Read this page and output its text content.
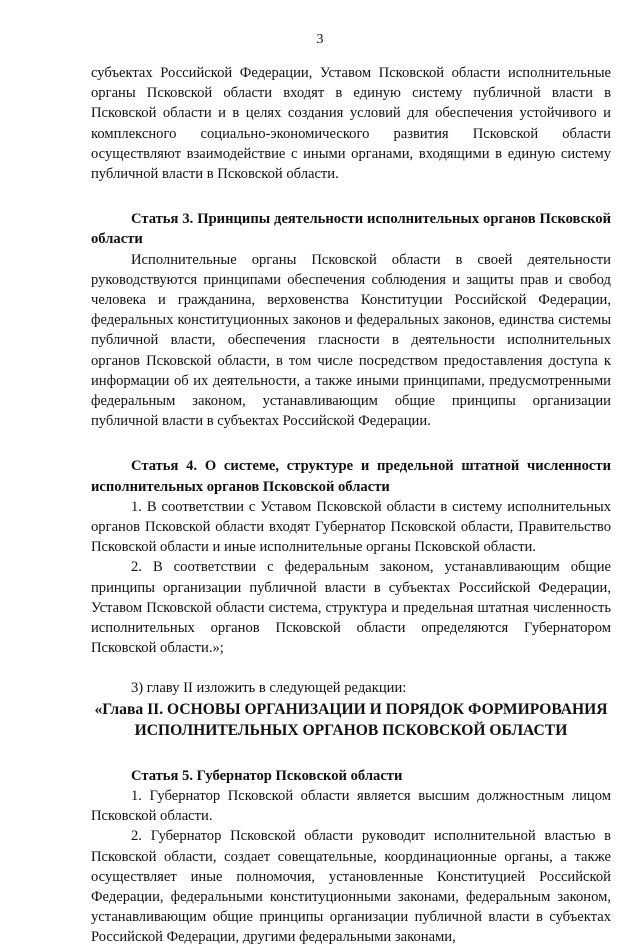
3

субъектах Российской Федерации, Уставом Псковской области исполнительные органы Псковской области входят в единую систему публичной власти в Псковской области и в целях создания условий для обеспечения устойчивого и комплексного социально-экономического развития Псковской области осуществляют взаимодействие с иными органами, входящими в единую систему публичной власти в Псковской области.

Статья 3. Принципы деятельности исполнительных органов Псковской области

Исполнительные органы Псковской области в своей деятельности руководствуются принципами обеспечения соблюдения и защиты прав и свобод человека и гражданина, верховенства Конституции Российской Федерации, федеральных конституционных законов и федеральных законов, единства системы публичной власти, обеспечения гласности в деятельности исполнительных органов Псковской области, в том числе посредством предоставления доступа к информации об их деятельности, а также иными принципами, предусмотренными федеральным законом, устанавливающим общие принципы организации публичной власти в субъектах Российской Федерации.

Статья 4. О системе, структуре и предельной штатной численности исполнительных органов Псковской области

1. В соответствии с Уставом Псковской области в систему исполнительных органов Псковской области входят Губернатор Псковской области, Правительство Псковской области и иные исполнительные органы Псковской области.

2. В соответствии с федеральным законом, устанавливающим общие принципы организации публичной власти в субъектах Российской Федерации, Уставом Псковской области система, структура и предельная штатная численность исполнительных органов Псковской области определяются Губернатором Псковской области.»;

3) главу II изложить в следующей редакции:

«Глава II. ОСНОВЫ ОРГАНИЗАЦИИ И ПОРЯДОК ФОРМИРОВАНИЯ

ИСПОЛНИТЕЛЬНЫХ ОРГАНОВ ПСКОВСКОЙ ОБЛАСТИ

Статья 5. Губернатор Псковской области

1. Губернатор Псковской области является высшим должностным лицом Псковской области.

2. Губернатор Псковской области руководит исполнительной властью в Псковской области, создает совещательные, координационные органы, а также осуществляет иные полномочия, установленные Конституцией Российской Федерации, федеральными конституционными законами, федеральным законом, устанавливающим общие принципы организации публичной власти в субъектах Российской Федерации, другими федеральными законами,
